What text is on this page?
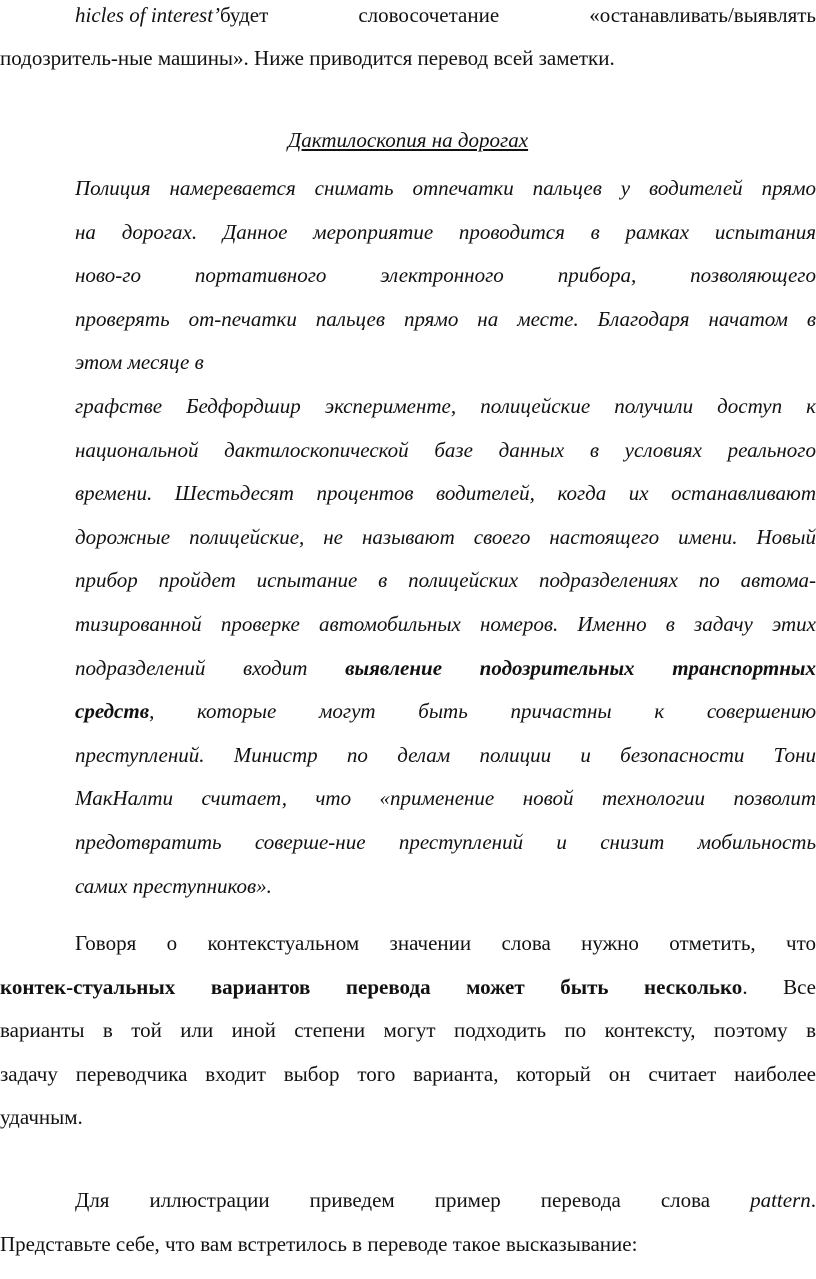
hicles of interest’ будет словосочетание «останавливать/выявлять
подозритель-ные машины». Ниже приводится перевод всей заметки.
Дактилоскопия на дорогах
Полиция намеревается снимать отпечатки пальцев у водителей прямо
на дорогах. Данное мероприятие проводится в рамках испытания
ново-го портативного электронного прибора, позволяющего
проверять от-печатки пальцев прямо на месте. Благодаря начатом в
этом месяце в
графстве Бедфордшир эксперименте, полицейские получили доступ к
национальной дактилоскопической базе данных в условиях реального
времени. Шестьдесят процентов водителей, когда их останавливают
дорожные полицейские, не называют своего настоящего имени. Новый
прибор пройдет испытание в полицейских подразделениях по автома-
тизированной проверке автомобильных номеров. Именно в задачу этих
подразделений входит выявление подозрительных транспортных
средств, которые могут быть причастны к совершению
преступлений. Министр по делам полиции и безопасности Тони
МакНалти считает, что «применение новой технологии позволит
предотвратить соверше-ние преступлений и снизит мобильность
самих преступников».
Говоря о контекстуальном значении слова нужно отметить, что
контек-стуальных вариантов перевода может быть несколько. Все
варианты в той или иной степени могут подходить по контексту, поэтому в
задачу переводчика входит выбор того варианта, который он считает наиболее
удачным.
Для иллюстрации приведем пример перевода слова pattern.
Представьте себе, что вам встретилось в переводе такое высказывание:
